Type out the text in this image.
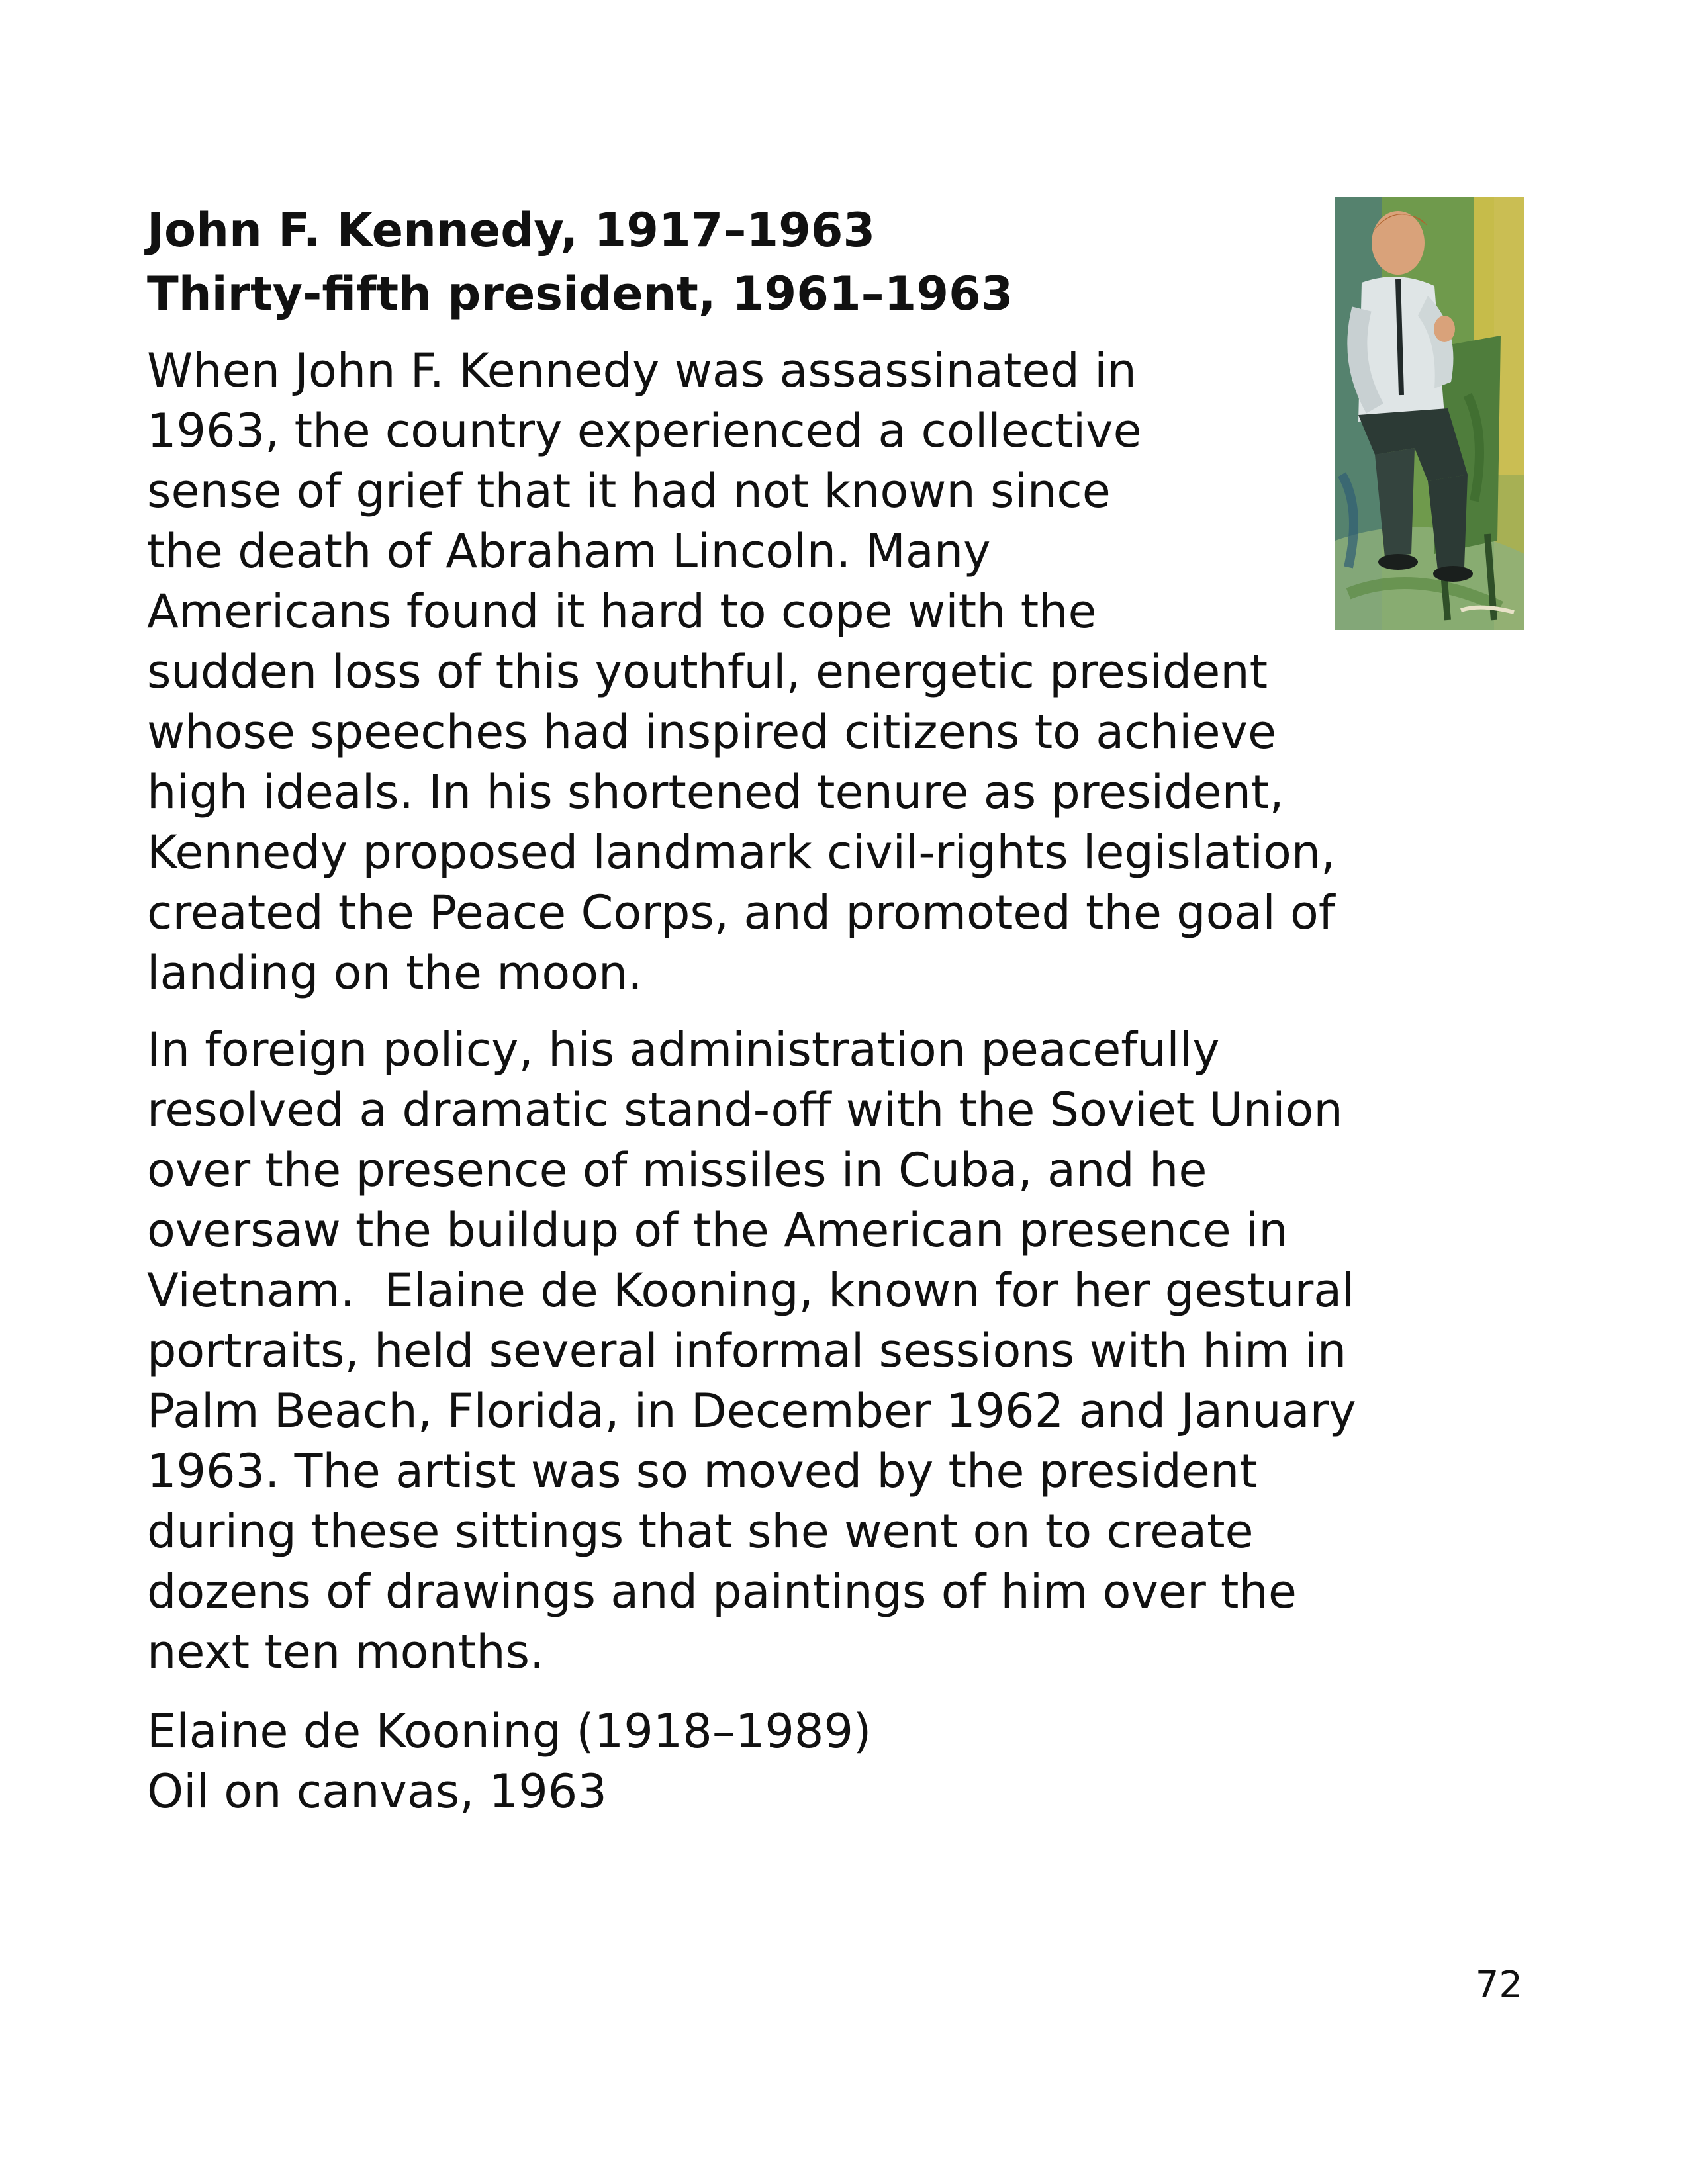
John F. Kennedy, 1917–1963
Thirty-fifth president, 1961–1963

When John F. Kennedy was assassinated in
1963, the country experienced a collective
sense of grief that it had not known since
the death of Abraham Lincoln. Many
Americans found it hard to cope with the
sudden loss of this youthful, energetic president
whose speeches had inspired citizens to achieve
high ideals. In his shortened tenure as president,
Kennedy proposed landmark civil-rights legislation,
created the Peace Corps, and promoted the goal of
landing on the moon.

In foreign policy, his administration peacefully
resolved a dramatic stand-off with the Soviet Union
over the presence of missiles in Cuba, and he
oversaw the buildup of the American presence in
Vietnam.  Elaine de Kooning, known for her gestural
portraits, held several informal sessions with him in
Palm Beach, Florida, in December 1962 and January
1963. The artist was so moved by the president
during these sittings that she went on to create
dozens of drawings and paintings of him over the
next ten months.

Elaine de Kooning (1918–1989)
Oil on canvas, 1963

72
